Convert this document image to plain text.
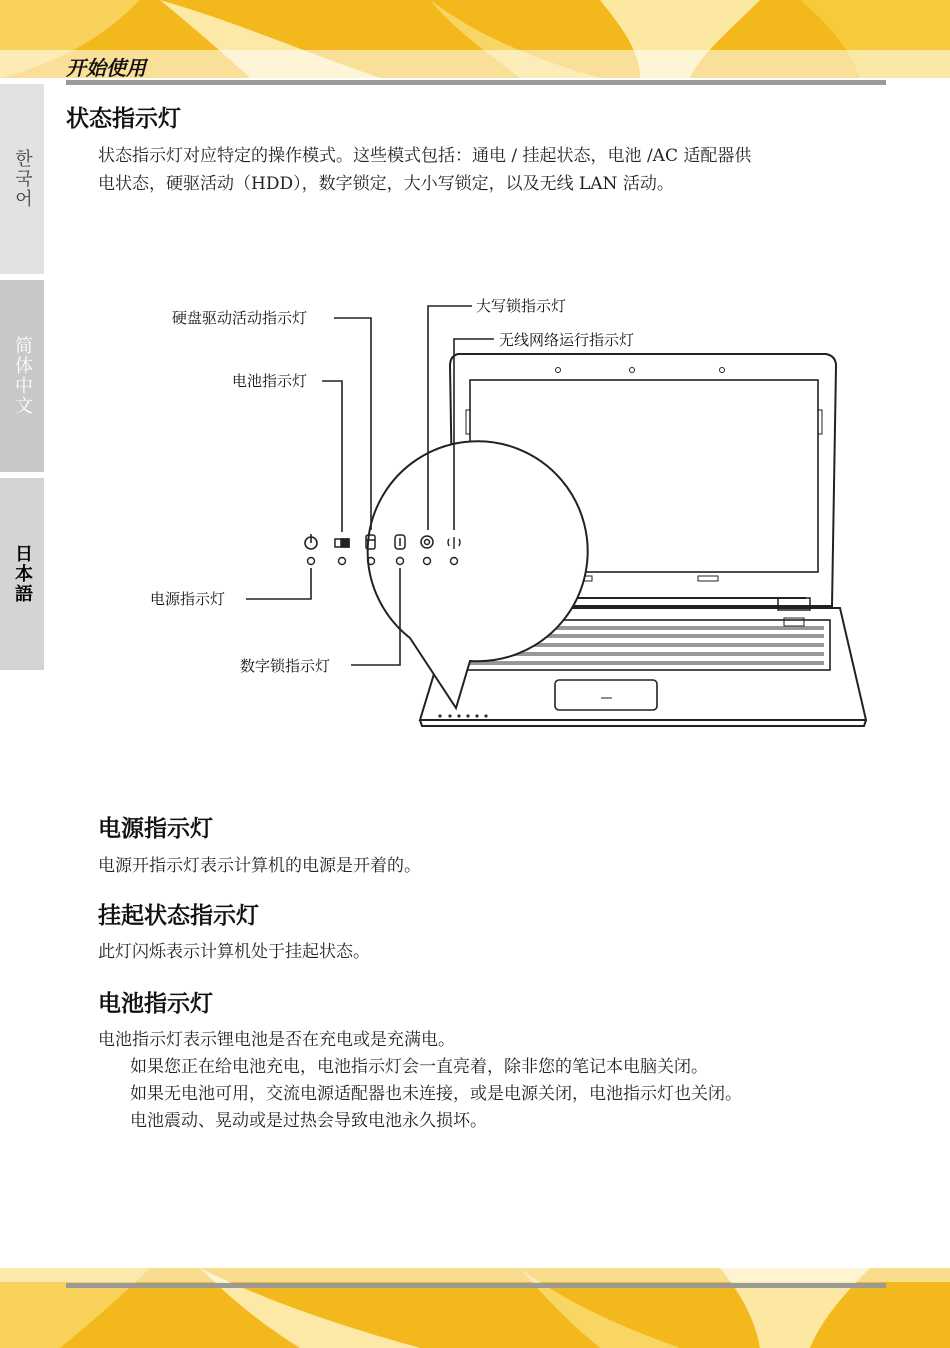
开始使用
한국어
简体中文
日本語
状态指示灯

状态指示灯对应特定的操作模式。这些模式包括：通电 / 挂起状态，电池 /AC 适配器供

电状态，硬驱活动（HDD），数字锁定，大小写锁定，以及无线 LAN 活动。

硬盘驱动活动指示灯
大写锁指示灯
无线网络运行指示灯
电池指示灯
电源指示灯
数字锁指示灯
电源指示灯

电源开指示灯表示计算机的电源是开着的。

挂起状态指示灯

此灯闪烁表示计算机处于挂起状态。

电池指示灯

电池指示灯表示锂电池是否在充电或是充满电。

如果您正在给电池充电，电池指示灯会一直亮着，除非您的笔记本电脑关闭。

如果无电池可用，交流电源适配器也未连接，或是电源关闭，电池指示灯也关闭。

电池震动、晃动或是过热会导致电池永久损坏。
